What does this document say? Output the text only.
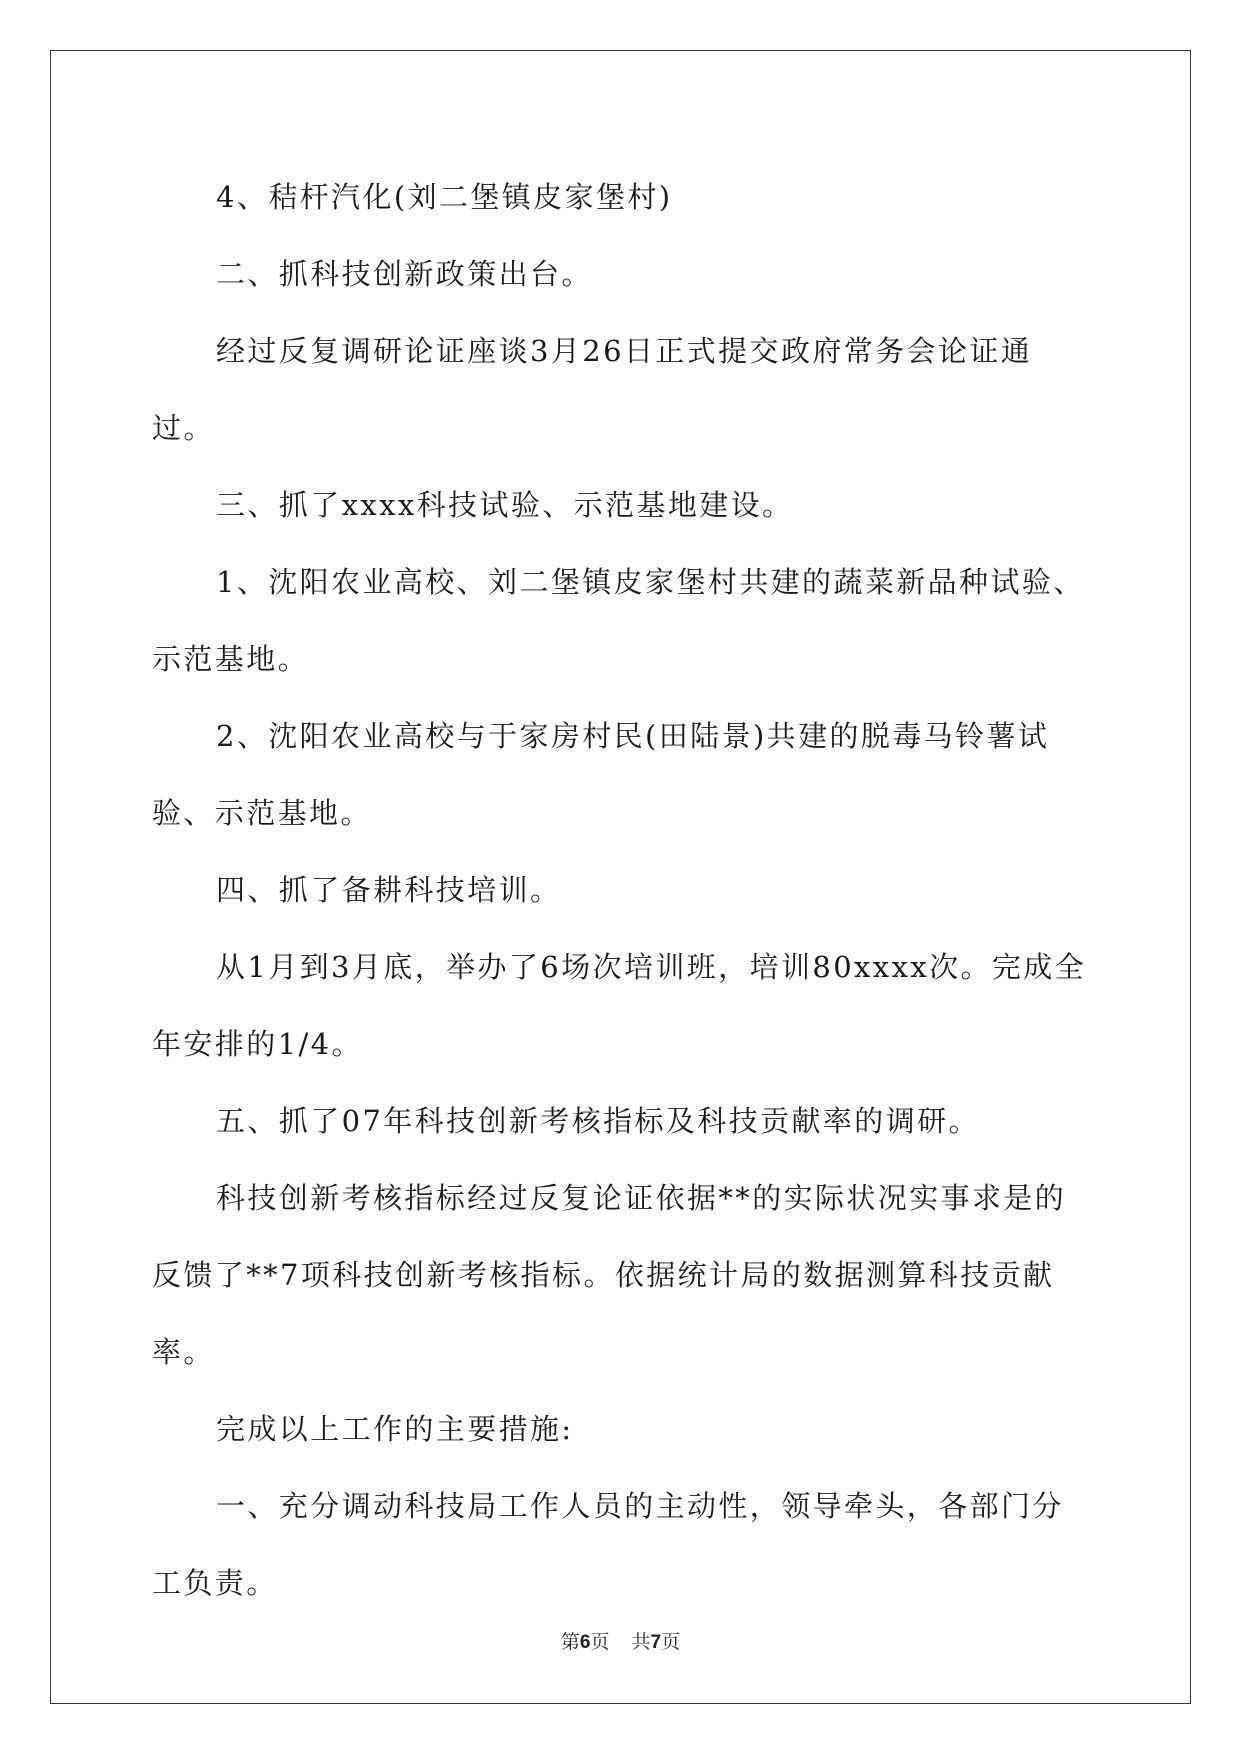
4、秸杆汽化(刘二堡镇皮家堡村)

二、抓科技创新政策出台。

经过反复调研论证座谈3月26日正式提交政府常务会论证通过。

三、抓了xxxx科技试验、示范基地建设。

1、沈阳农业高校、刘二堡镇皮家堡村共建的蔬菜新品种试验、示范基地。

2、沈阳农业高校与于家房村民(田陆景)共建的脱毒马铃薯试验、示范基地。

四、抓了备耕科技培训。

从1月到3月底，举办了6场次培训班，培训80xxxx次。完成全年安排的1/4。

五、抓了07年科技创新考核指标及科技贡献率的调研。

科技创新考核指标经过反复论证依据**的实际状况实事求是的反馈了**7项科技创新考核指标。依据统计局的数据测算科技贡献率。

完成以上工作的主要措施:

一、充分调动科技局工作人员的主动性，领导牵头，各部门分工负责。

第6页 共7页
